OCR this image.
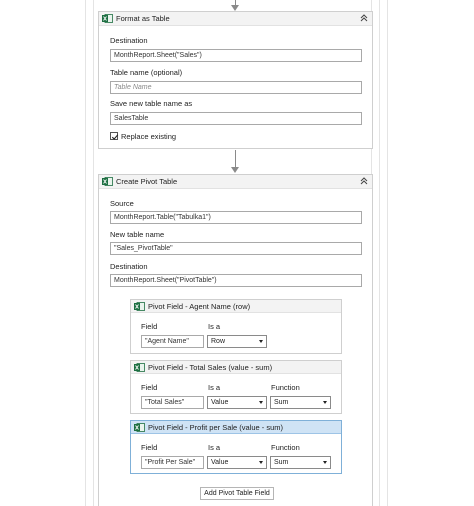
Format as Table
Destination
MonthReport.Sheet("Sales")
Table name (optional)
Table Name
Save new table name as
SalesTable
Replace existing
Create Pivot Table
Source
MonthReport.Table("Tabulka1")
New table name
"Sales_PivotTable"
Destination
MonthReport.Sheet("PivotTable")
Pivot Field - Agent Name (row)
Field	Is a
"Agent Name"	Row
Pivot Field - Total Sales (value - sum)
Field	Is a	Function
"Total Sales"	Value	Sum
Pivot Field - Profit per Sale (value - sum)
Field	Is a	Function
"Profit Per Sale"	Value	Sum
Add Pivot Table Field
